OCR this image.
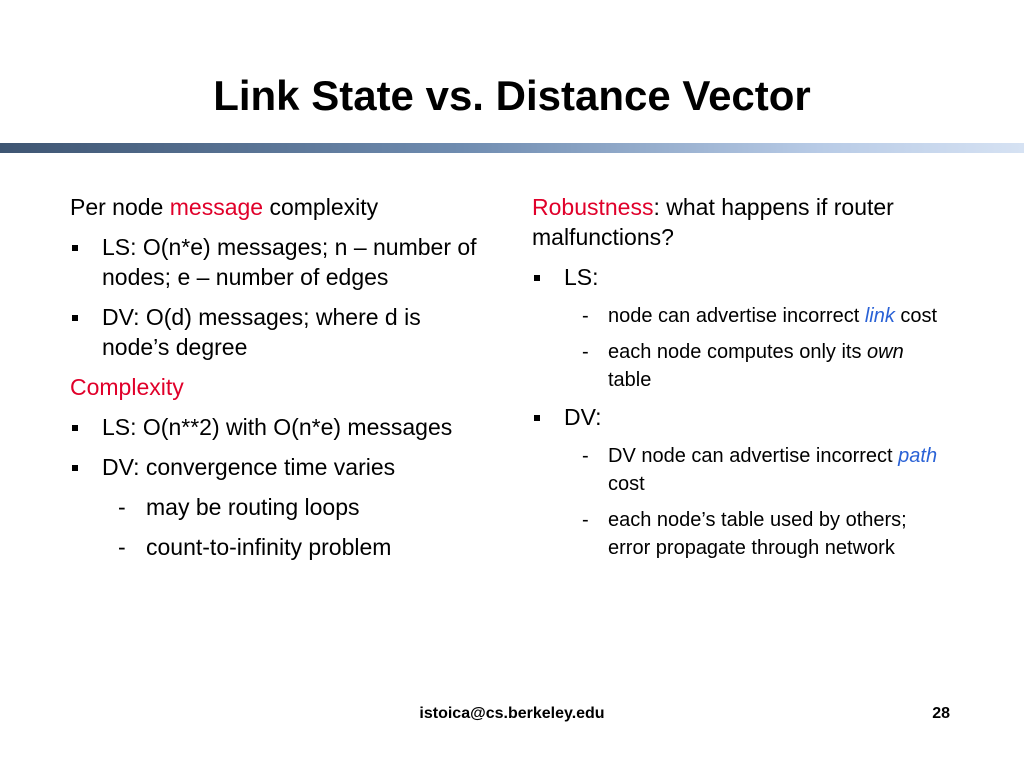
Link State vs. Distance Vector
Per node message complexity
LS: O(n*e) messages; n – number of nodes; e – number of edges
DV: O(d) messages; where d is node’s degree
Complexity
LS: O(n**2) with O(n*e) messages
DV: convergence time varies
- may be routing loops
- count-to-infinity problem
Robustness: what happens if router malfunctions?
LS:
- node can advertise incorrect link cost
- each node computes only its own table
DV:
- DV node can advertise incorrect path cost
- each node’s table used by others; error propagate through network
istoica@cs.berkeley.edu	28
